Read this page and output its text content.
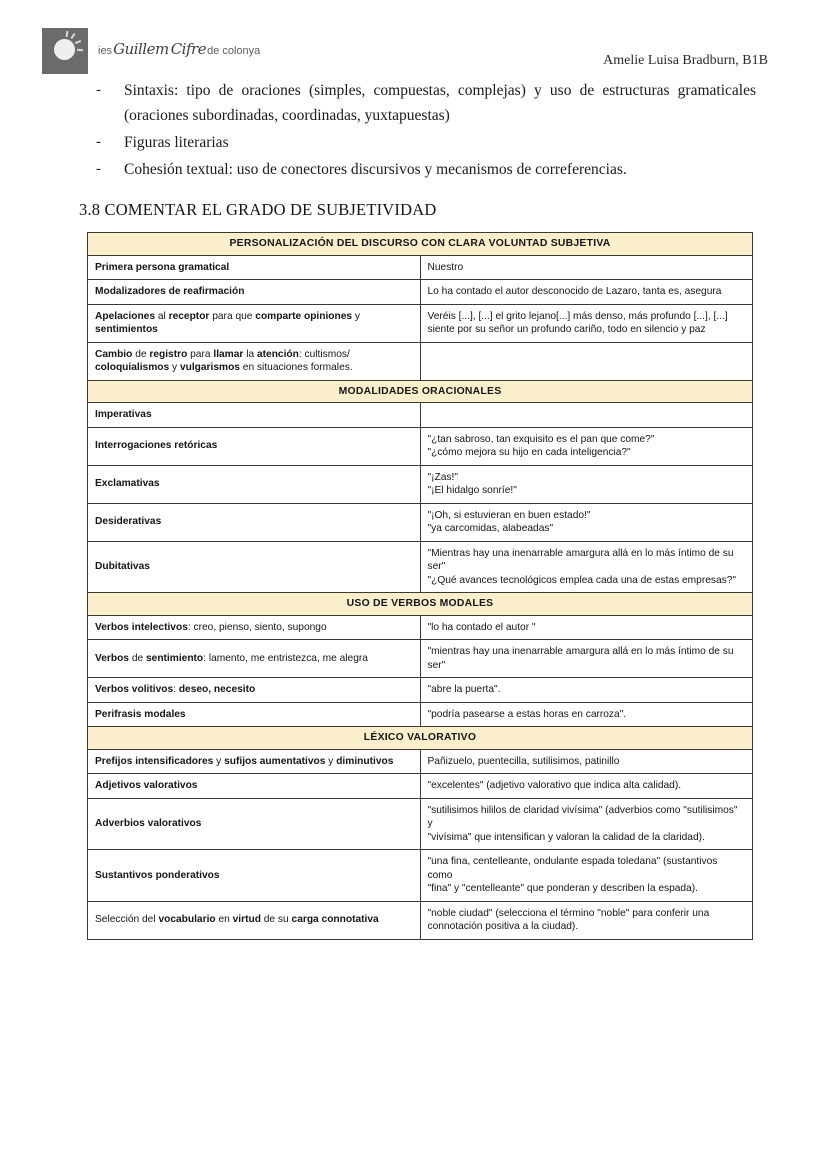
iesGuillem Cifrede colonya
Amelie Luisa Bradburn, B1B
-	Sintaxis: tipo de oraciones (simples, compuestas, complejas) y uso de estructuras gramaticales (oraciones subordinadas, coordinadas, yuxtapuestas)
-	Figuras literarias
-	Cohesión textual: uso de conectores discursivos y mecanismos de correferencias.
3.8 COMENTAR EL GRADO DE SUBJETIVIDAD
PERSONALIZACIÓN DEL DISCURSO CON CLARA VOLUNTAD SUBJETIVA	
Primera persona gramatical	Nuestro
Modalizadores de reafirmación	Lo ha contado el autor desconocido de Lazaro, tanta es, asegura
Apelaciones al receptor para que comparte opiniones y sentimientos	Veréis [...], [...] el grito lejano[...] más denso, más profundo [...], [...] siente por su señor un profundo cariño, todo en silencio y paz
Cambio de registro para llamar la atención: cultismos/ coloquialismos y vulgarismos en situaciones formales.	
MODALIDADES ORACIONALES	
Imperativas	
Interrogaciones retóricas	"¿tan sabroso, tan exquisito es el pan que come?"
"¿cómo mejora su hijo en cada inteligencia?"

Exclamativas	"¡Zas!"
"¡El hidalgo sonríe!"

Desiderativas	"¡Oh, si estuvieran en buen estado!"
"ya carcomidas, alabeadas"

Dubitativas	"Mientras hay una inenarrable amargura allá en lo más íntimo de su ser"
"¿Qué avances tecnológicos emplea cada una de estas empresas?"

USO DE VERBOS MODALES	
Verbos intelectivos: creo, pienso, siento, supongo	"lo ha contado el autor "
Verbos de sentimiento: lamento, me entristezca, me alegra	"mientras hay una inenarrable amargura allá en lo más íntimo de su ser"
Verbos volitivos: deseo, necesito	"abre la puerta".
Perifrasis modales	"podría pasearse a estas horas en carroza".
LÉXICO VALORATIVO	
Prefijos intensificadores y sufijos aumentativos y diminutivos	Pañizuelo, puentecilla, sutilisimos, patinillo
Adjetivos valorativos	"excelentes" (adjetivo valorativo que indica alta calidad).
Adverbios valorativos	"sutilisimos hililos de claridad vivísima" (adverbios como "sutilisimos" y
"vivísima" que intensifican y valoran la calidad de la claridad).

Sustantivos ponderativos	"una fina, centelleante, ondulante espada toledana" (sustantivos como
"fina" y "centelleante" que ponderan y describen la espada).

Selección del vocabulario en virtud de su carga connotativa	"noble ciudad" (selecciona el término "noble" para conferir una
connotación positiva a la ciudad).
